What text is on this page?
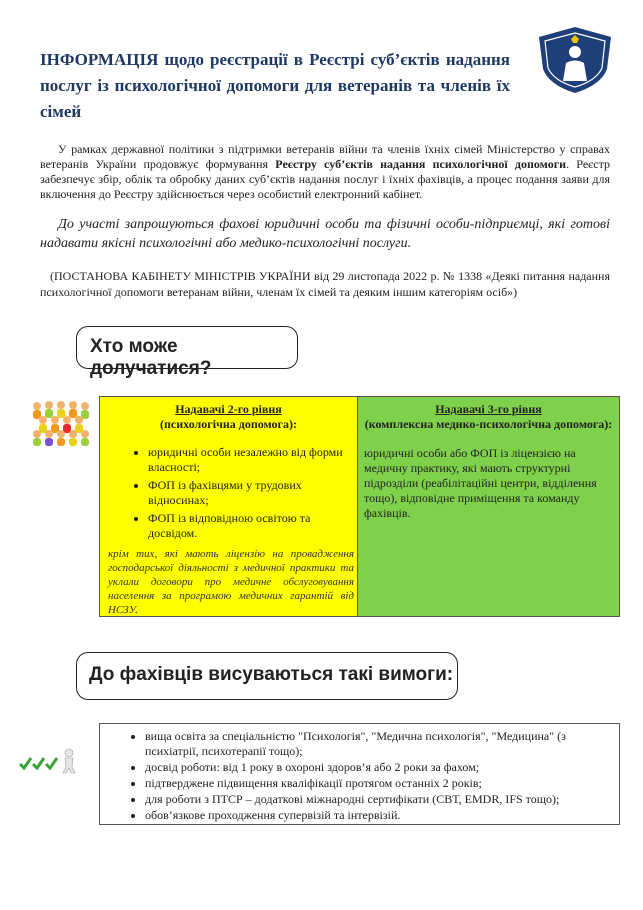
ІНФОРМАЦІЯ щодо реєстрації в Реєстрі суб’єктів надання послуг із психологічної допомоги для ветеранів та членів їх сімей

У рамках державної політики з підтримки ветеранів війни та членів їхніх сімей Міністерство у справах ветеранів України продовжує формування Реєстру суб’єктів надання психологічної допомоги. Реєстр забезпечує збір, облік та обробку даних суб’єктів надання послуг і їхніх фахівців, а процес подання заяви для включення до Реєстру здійснюється через особистий електронний кабінет.

До участі запрошуються фахові юридичні особи та фізичні особи-підприємці, які готові надавати якісні психологічні або медико-психологічні послуги.

(ПОСТАНОВА КАБІНЕТУ МІНІСТРІВ УКРАЇНИ від 29 листопада 2022 р. № 1338 «Деякі питання надання психологічної допомоги ветеранам війни, членам їх сімей та деяким іншим категоріям осіб»)

Хто може долучатися?
Надавачі 2-го рівня
(психологічна допомога):
• юридичні особи незалежно від форми власності;
• ФОП із фахівцями у трудових відносинах;
• ФОП із відповідною освітою та досвідом.

крім тих, які мають ліцензію на провадження господарської діяльності з медичної практики та уклали договори про медичне обслуговування населення за програмою медичних гарантій від НСЗУ.

Надавачі 3-го рівня
(комплексна медико-психологічна допомога):
юридичні особи або ФОП із ліцензією на медичну практику, які мають структурні підрозділи (реабілітаційні центри, відділення тощо), відповідне приміщення та команду фахівців.
До фахівців висуваються такі вимоги:
• вища освіта за спеціальністю "Психологія", "Медична психологія", "Медицина" (з психіатрії, психотерапії тощо);
• досвід роботи: від 1 року в охороні здоров’я або 2 роки за фахом;
• підтверджене підвищення кваліфікації протягом останніх 2 років;
• для роботи з ПТСР – додаткові міжнародні сертифікати (CBT, EMDR, IFS тощо);
• обов’язкове проходження супервізій та інтервізій.
